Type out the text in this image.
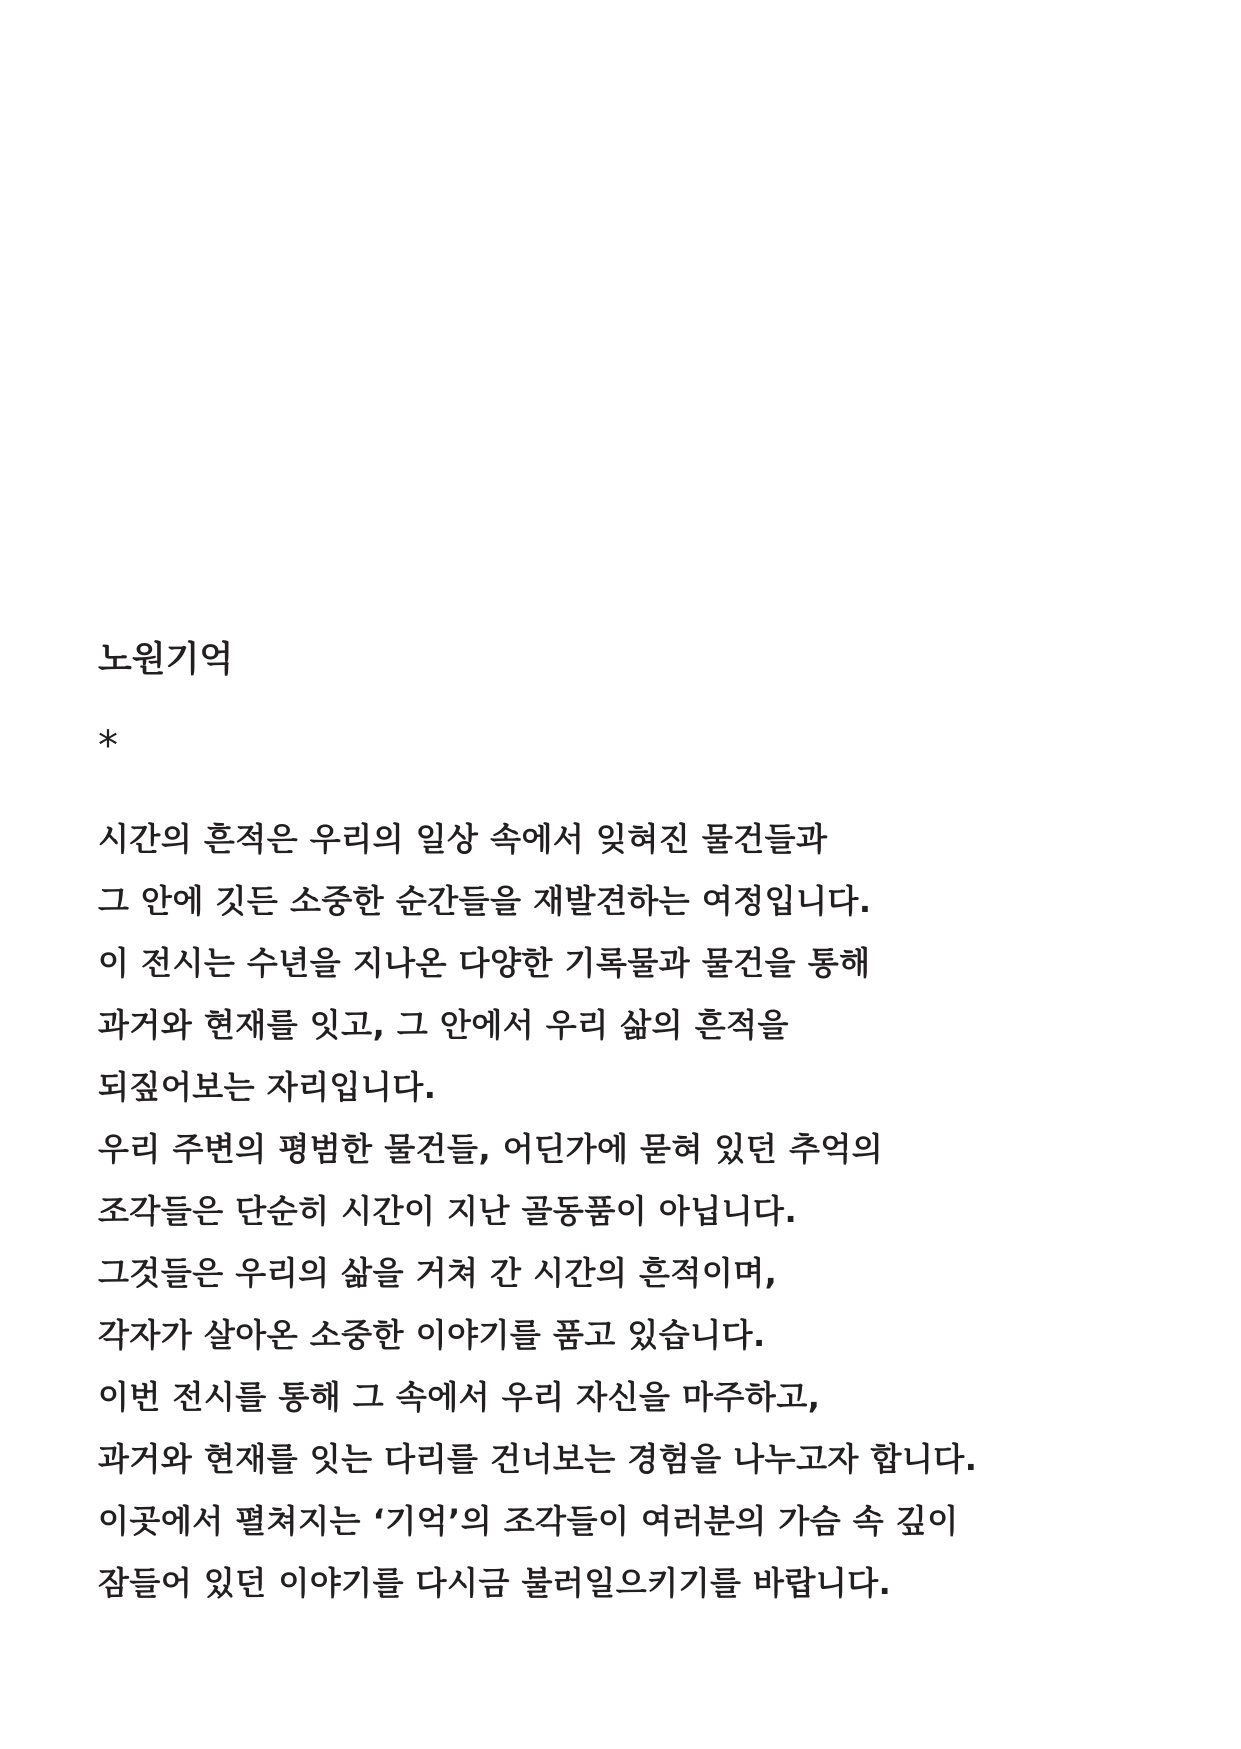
노원기억
*
시간의 흔적은 우리의 일상 속에서 잊혀진 물건들과
그 안에 깃든 소중한 순간들을 재발견하는 여정입니다.
이 전시는 수년을 지나온 다양한 기록물과 물건을 통해
과거와 현재를 잇고, 그 안에서 우리 삶의 흔적을
되짚어보는 자리입니다.
우리 주변의 평범한 물건들, 어딘가에 묻혀 있던 추억의
조각들은 단순히 시간이 지난 골동품이 아닙니다.
그것들은 우리의 삶을 거쳐 간 시간의 흔적이며,
각자가 살아온 소중한 이야기를 품고 있습니다.
이번 전시를 통해 그 속에서 우리 자신을 마주하고,
과거와 현재를 잇는 다리를 건너보는 경험을 나누고자 합니다.
이곳에서 펼쳐지는 ‘기억’의 조각들이 여러분의 가슴 속 깊이
잠들어 있던 이야기를 다시금 불러일으키기를 바랍니다.
